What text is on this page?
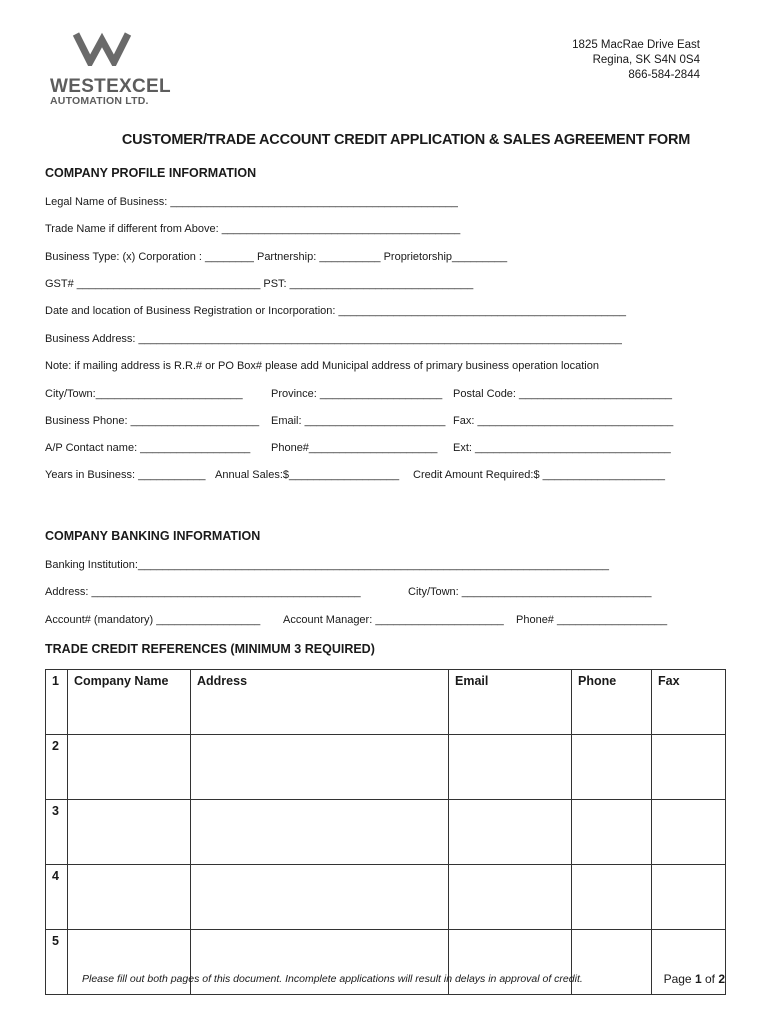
WESTEXCEL
AUTOMATION LTD.
1825 MacRae Drive East
Regina, SK S4N 0S4
866-584-2844
CUSTOMER/TRADE ACCOUNT CREDIT APPLICATION & SALES AGREEMENT FORM
COMPANY PROFILE INFORMATION
Legal Name of Business: _______________________________________________
Trade Name if different from Above: _______________________________________
Business Type: (x) Corporation : ________ Partnership: __________ Proprietorship_________
GST# ______________________________ PST: ______________________________
Date and location of Business Registration or Incorporation: _______________________________________________
Business Address: _______________________________________________________________________________
Note: if mailing address is R.R.# or PO Box# please add Municipal address of primary business operation location
City/Town:________________________	Province: ____________________ Postal Code: _________________________
Business Phone: _____________________ Email: _______________________ Fax: ________________________________
A/P Contact name: __________________ Phone#_____________________ Ext: ________________________________
Years in Business: ___________ Annual Sales:$__________________ Credit Amount Required:$ ____________________
COMPANY BANKING INFORMATION
Banking Institution:_____________________________________________________________________________
Address: ____________________________________________	City/Town: _______________________________
Account# (mandatory) _________________ Account Manager: _____________________ Phone# __________________
TRADE CREDIT REFERENCES (MINIMUM 3 REQUIRED)
1	Company Name	Address	Email	Phone	Fax
2					
3					
4					
5					
Please fill out both pages of this document. Incomplete applications will result in delays in approval of credit.	Page 1 of 2
